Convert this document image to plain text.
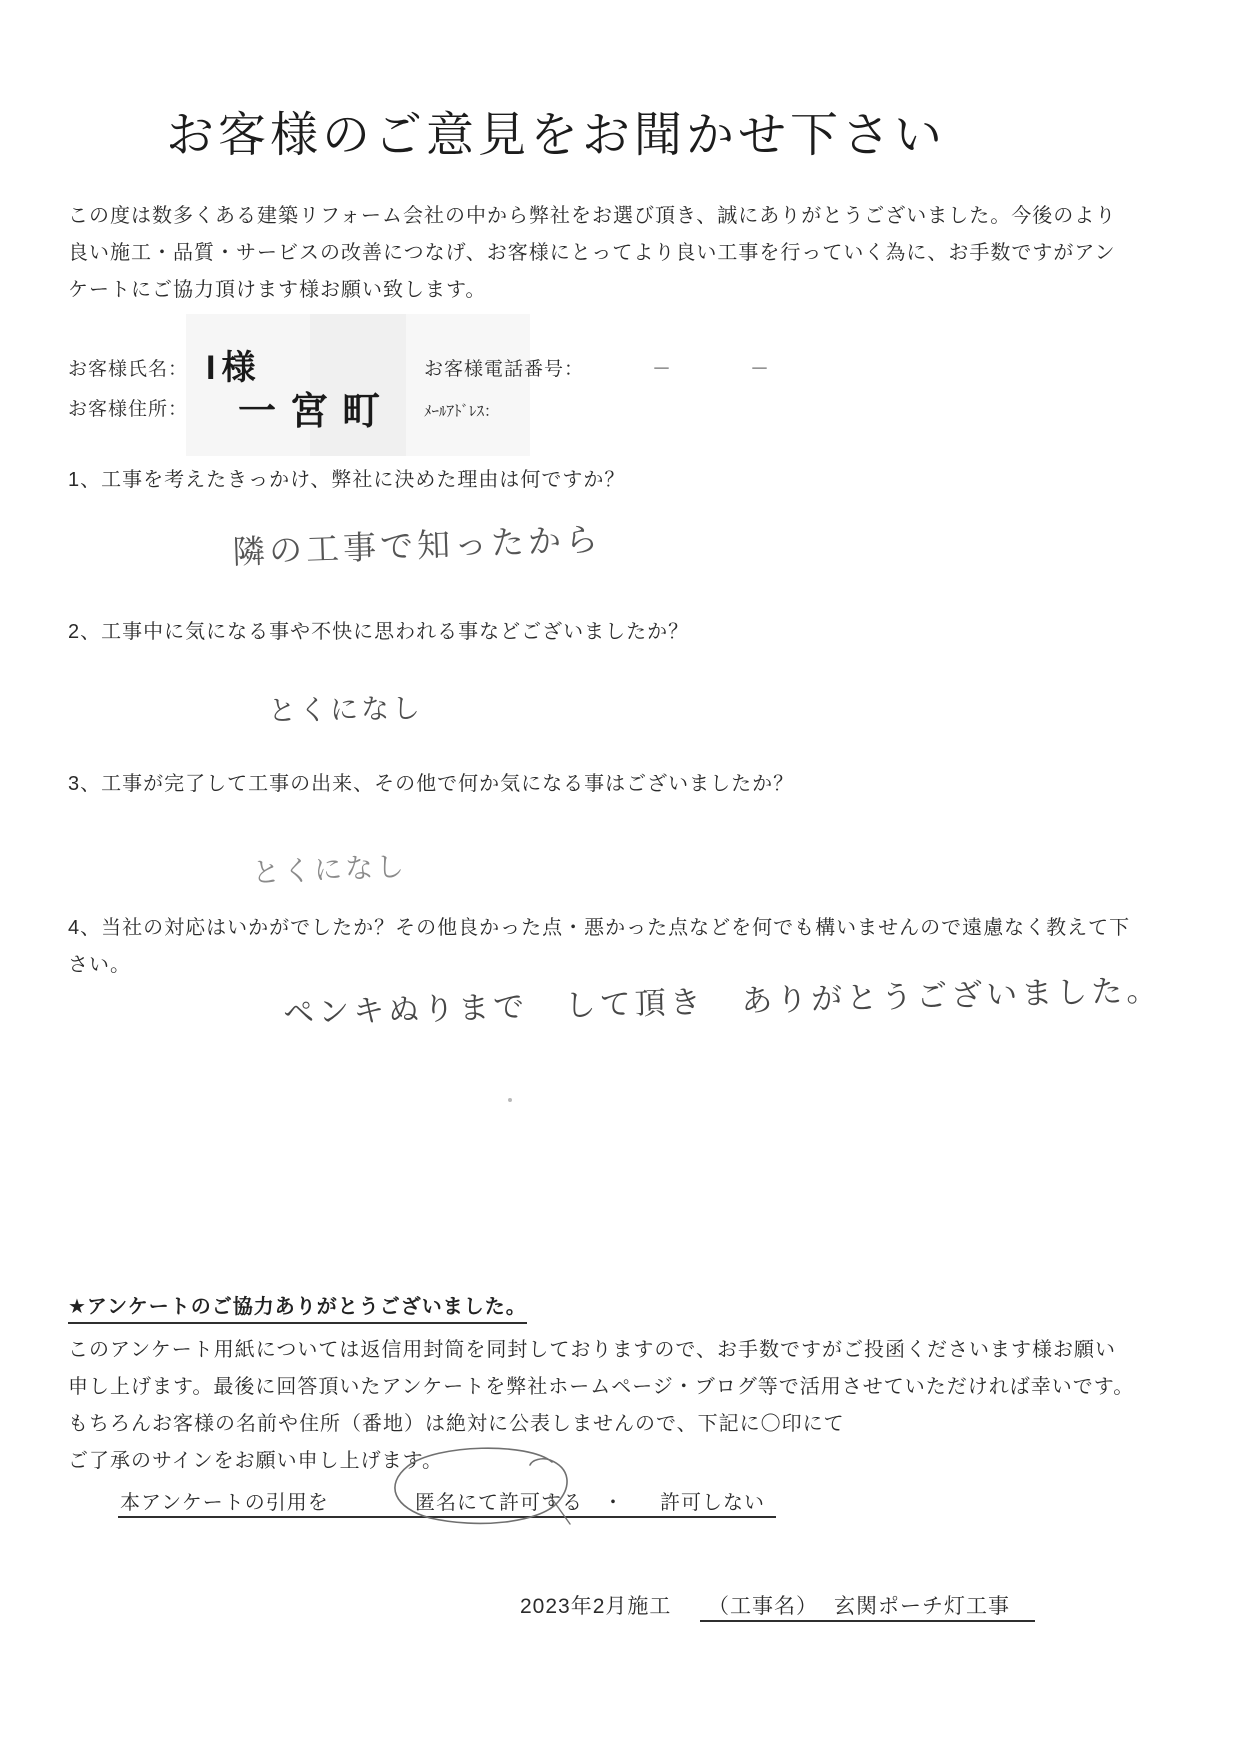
お客様のご意見をお聞かせ下さい
この度は数多くある建築リフォーム会社の中から弊社をお選び頂き、誠にありがとうございました。今後のより
良い施工・品質・サービスの改善につなげ、お客様にとってより良い工事を行っていく為に、お手数ですがアン
ケートにご協力頂けます様お願い致します。
お客様氏名： I様	お客様電話番号：	－	－
お客様住所： 一宮町 ﾒｰﾙｱﾄﾞﾚｽ：
1、工事を考えたきっかけ、弊社に決めた理由は何ですか？
隣の工事で知ったから
2、工事中に気になる事や不快に思われる事などございましたか？
とくになし
3、工事が完了して工事の出来、その他で何か気になる事はございましたか？
とくになし
4、当社の対応はいかがでしたか？その他良かった点・悪かった点などを何でも構いませんので遠慮なく教えて下さい。
ペンキぬりまで して頂き ありがとうございました。
★アンケートのご協力ありがとうございました。
このアンケート用紙については返信用封筒を同封しておりますので、お手数ですがご投函くださいます様お願い
申し上げます。最後に回答頂いたアンケートを弊社ホームページ・ブログ等で活用させていただければ幸いです。
もちろんお客様の名前や住所（番地）は絶対に公表しませんので、下記に〇印にて
ご了承のサインをお願い申し上げます。
本アンケートの引用を	匿名にて許可する ・ 許可しない
2023年2月施工 （工事名） 玄関ポーチ灯工事
